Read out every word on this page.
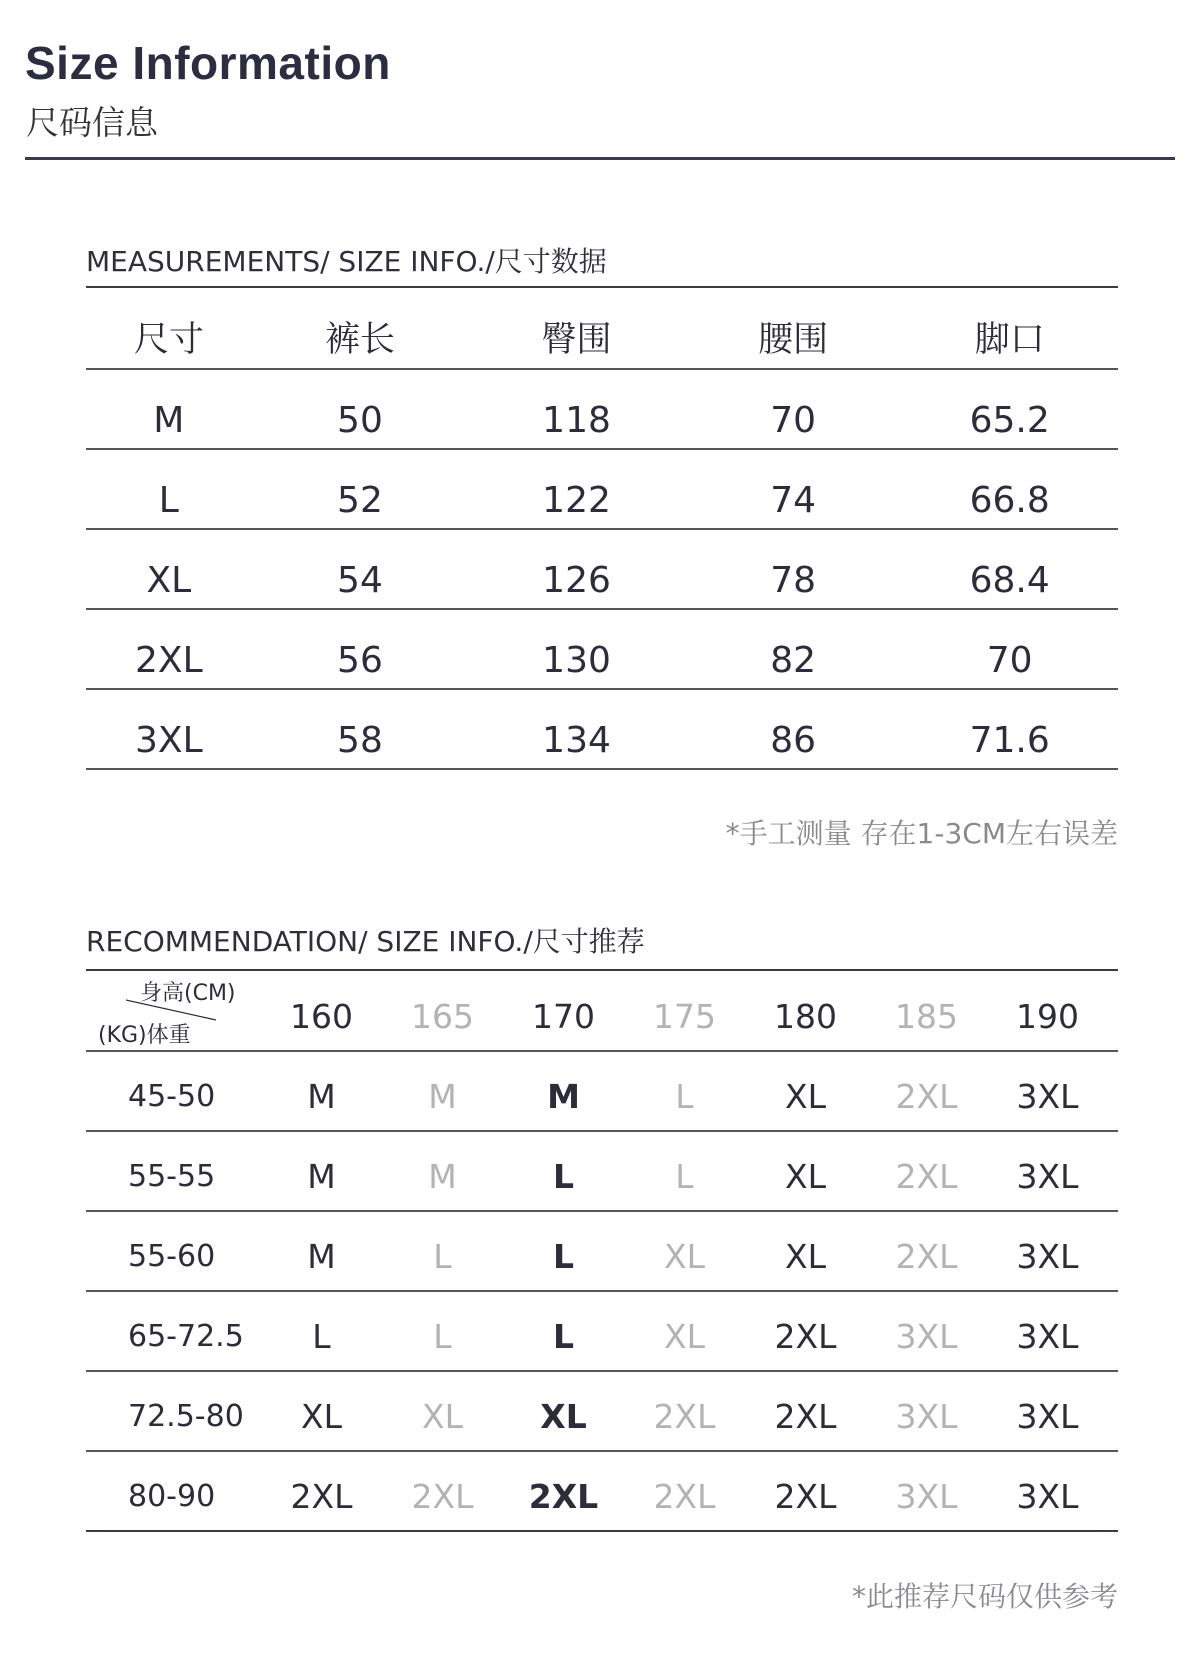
Size Information
尺码信息
MEASUREMENTS/ SIZE INFO./尺寸数据
尺寸	裤长	臀围	腰围	脚口
M	50	118	70	65.2
L	52	122	74	66.8
XL	54	126	78	68.4
2XL	56	130	82	70
3XL	58	134	86	71.6
*手工测量 存在1-3CM左右误差
RECOMMENDATION/ SIZE INFO./尺寸推荐
身高(CM)
(KG)体重	160	165	170	175	180	185	190
45-50	M	M	M	L	XL	2XL	3XL
55-55	M	M	L	L	XL	2XL	3XL
55-60	M	L	L	XL	XL	2XL	3XL
65-72.5	L	L	L	XL	2XL	3XL	3XL
72.5-80	XL	XL	XL	2XL	2XL	3XL	3XL
80-90	2XL	2XL	2XL	2XL	2XL	3XL	3XL
*此推荐尺码仅供参考
